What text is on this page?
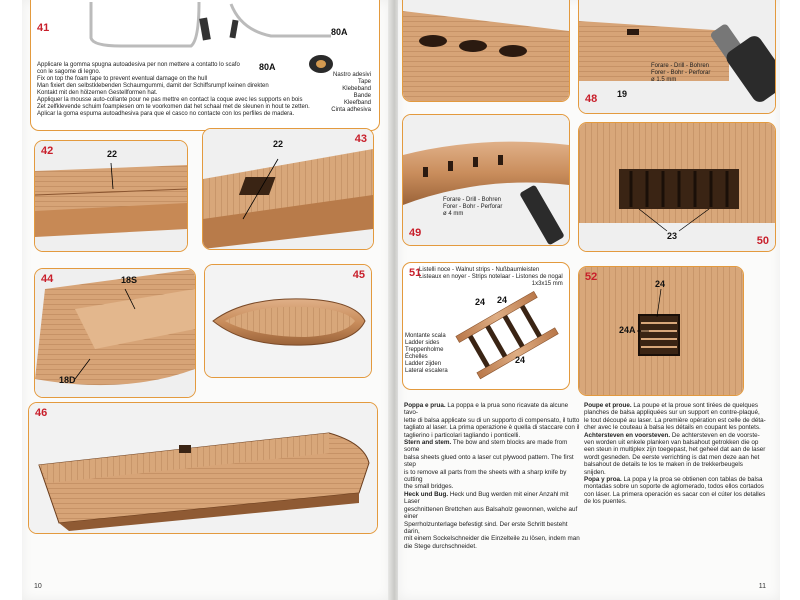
41	80A
80A
Nastro adesivi
Tape
Klebeband
Bande
Kleefband
Cinta adhesiva
Applicare la gomma spugna autoadesiva per non mettere a contatto lo scafo
con le sagome di legno.
Fix on top the foam tape to prevent eventual damage on the hull
Man fixiert den selbstklebenden Schaumgummi, damit der Schiffsrumpf keinen direkten
Kontakt mit den hölzernen Gestellformen hat.
Appliquer la mousse auto-collante pour ne pas mettre en contact la coque avec les supports en bois
Zet zelfklevende schuim foampiesen om te voorkomen dat het schaal met de sleunen in hout te zetten.
Aplicar la goma espuma autoadhesiva para que el casco no contacte con los perfiles de madera.
42	22
43
22
44	18S
18D
45
46
10
48 19
Forare - Drill - Bohren
Forer - Bohr - Perforar
ø 1.5 mm
49
Forare - Drill - Bohren
Forer - Bohr - Perforar
ø 4 mm
23	50
51
Listelli noce - Walnut strips - Nußbaumleisten
Listeaux en noyer - Strips notelaar - Listones de nogal
1x3x15 mm
24 24
24
Montante scala
Ladder sides
Treppenholme
Échelles
Ladder zijden
Lateral escalera
52
24
24A
Poppa e prua. La poppa e la prua sono ricavate da alcune tavo-
lette di balsa applicate su di un supporto di compensato, il tutto
tagliato al laser. La prima operazione è quella di staccare con il
taglierino i particolari tagliando i ponticelli.
Stern and stem. The bow and stern blocks are made from some
balsa sheets glued onto a laser cut plywood pattern. The first step
is to remove all parts from the sheets with a sharp knife by cutting
the small bridges.
Heck und Bug. Heck und Bug werden mit einer Anzahl mit Laser
geschnittenen Brettchen aus Balsaholz gewonnen, welche auf einer
Sperrholzunterlage befestigt sind. Der erste Schritt besteht darin,
mit einem Sockelschneider die Einzelteile zu lösen, indem man
die Stege durchschneidet.
Poupe et proue. La poupe et la proue sont tirées de quelques
planches de balsa appliquées sur un support en contre-plaqué,
le tout découpé au laser. La première opération est celle de déta-
cher avec le couteau à balsa les détails en coupant les pontets.
Achtersteven en voorsteven. De achtersteven en de voorste-
ven worden uit enkele planken van balsahout getrokken die op
een steun in multiplex zijn toegepast, het geheel dat aan de laser
wordt gesneden. De eerste verrichting is dat men deze aan het
balsahout de details te los te maken in de trekkerbeugels snijden.
Popa y proa. La popa y la proa se obtienen con tablas de balsa
montadas sobre un soporte de aglomerado, todos ellos cortados
con láser. La primera operación es sacar con el cúter los detalles
de los puentes.
11
